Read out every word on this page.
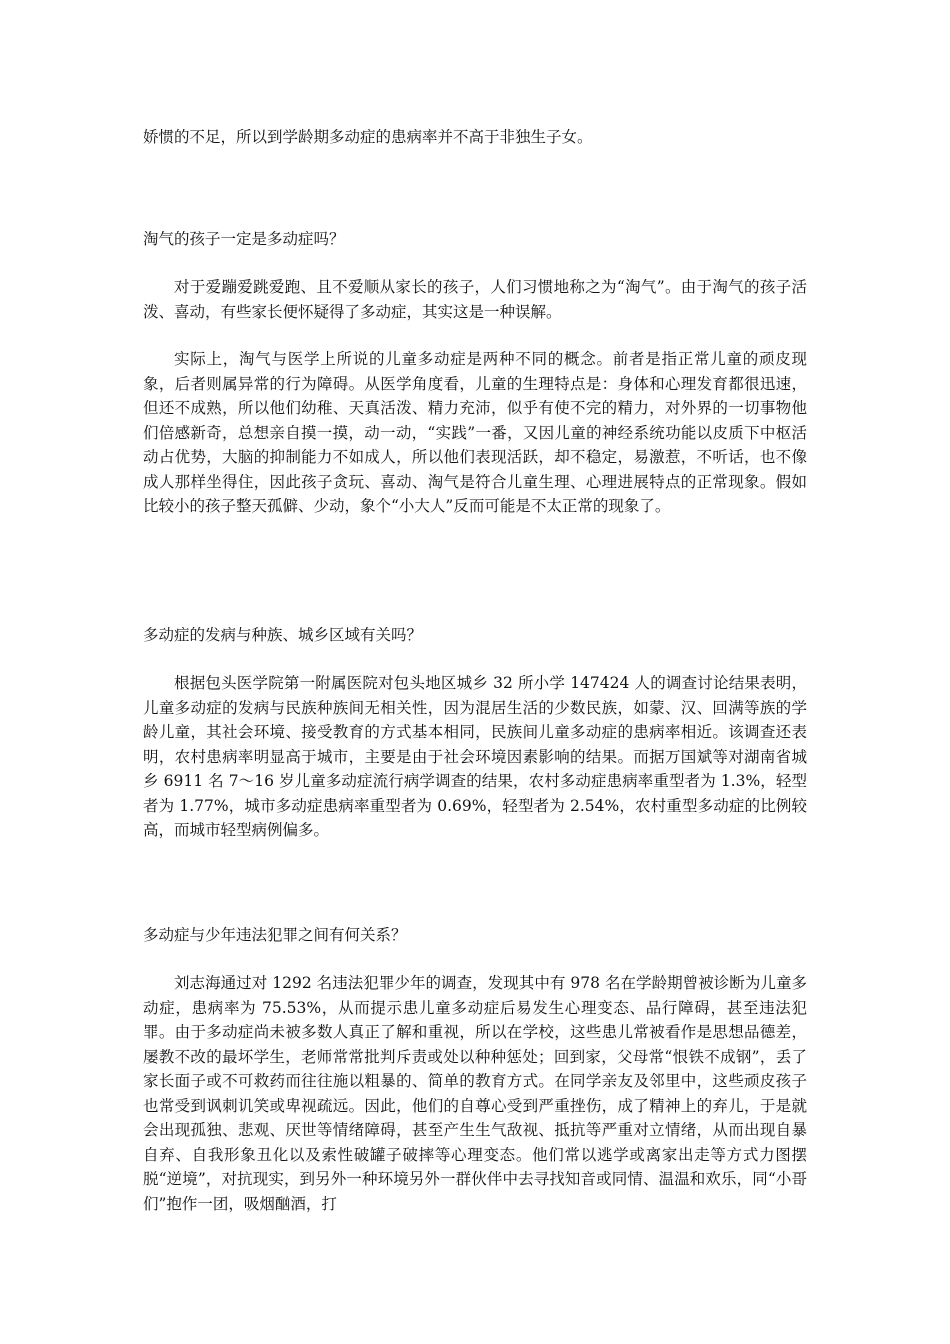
娇惯的不足，所以到学龄期多动症的患病率并不高于非独生子女。

淘气的孩子一定是多动症吗？

对于爱蹦爱跳爱跑、且不爱顺从家长的孩子，人们习惯地称之为“淘气”。由于淘气的孩子活泼、喜动，有些家长便怀疑得了多动症，其实这是一种误解。

实际上，淘气与医学上所说的儿童多动症是两种不同的概念。前者是指正常儿童的顽皮现象，后者则属异常的行为障碍。从医学角度看，儿童的生理特点是：身体和心理发育都很迅速，但还不成熟，所以他们幼稚、天真活泼、精力充沛，似乎有使不完的精力，对外界的一切事物他们倍感新奇，总想亲自摸一摸，动一动，“实践”一番，又因儿童的神经系统功能以皮质下中枢活动占优势，大脑的抑制能力不如成人，所以他们表现活跃，却不稳定，易激惹，不听话，也不像成人那样坐得住，因此孩子贪玩、喜动、淘气是符合儿童生理、心理进展特点的正常现象。假如比较小的孩子整天孤僻、少动，象个“小大人”反而可能是不太正常的现象了。

多动症的发病与种族、城乡区域有关吗？

根据包头医学院第一附属医院对包头地区城乡 32 所小学 147424 人的调查讨论结果表明，儿童多动症的发病与民族种族间无相关性，因为混居生活的少数民族，如蒙、汉、回满等族的学龄儿童，其社会环境、接受教育的方式基本相同，民族间儿童多动症的患病率相近。该调查还表明，农村患病率明显高于城市，主要是由于社会环境因素影响的结果。而据万国斌等对湖南省城乡 6911 名 7～16 岁儿童多动症流行病学调查的结果，农村多动症患病率重型者为 1.3%，轻型者为 1.77%，城市多动症患病率重型者为 0.69%，轻型者为 2.54%，农村重型多动症的比例较高，而城市轻型病例偏多。

多动症与少年违法犯罪之间有何关系？

刘志海通过对 1292 名违法犯罪少年的调查，发现其中有 978 名在学龄期曾被诊断为儿童多动症，患病率为 75.53%，从而提示患儿童多动症后易发生心理变态、品行障碍，甚至违法犯罪。由于多动症尚未被多数人真正了解和重视，所以在学校，这些患儿常被看作是思想品德差，屡教不改的最坏学生，老师常常批判斥责或处以种种惩处；回到家，父母常“恨铁不成钢”，丢了家长面子或不可救药而往往施以粗暴的、简单的教育方式。在同学亲友及邻里中，这些顽皮孩子也常受到讽刺讥笑或卑视疏远。因此，他们的自尊心受到严重挫伤，成了精神上的弃儿，于是就会出现孤独、悲观、厌世等情绪障碍，甚至产生生气敌视、抵抗等严重对立情绪，从而出现自暴自弃、自我形象丑化以及索性破罐子破摔等心理变态。他们常以逃学或离家出走等方式力图摆脱“逆境”，对抗现实，到另外一种环境另外一群伙伴中去寻找知音或同情、温温和欢乐，同“小哥们”抱作一团，吸烟酗酒，打
